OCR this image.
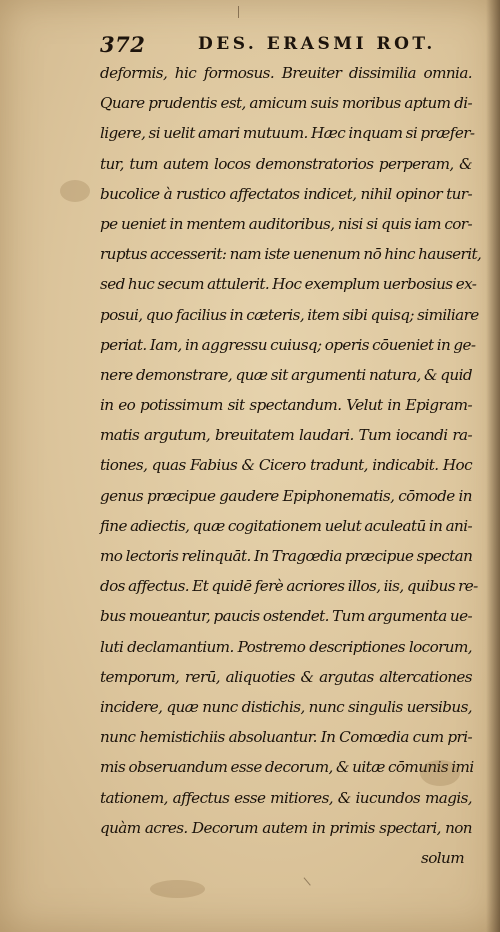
372	DES. ERASMI ROT.
deformis, hic formosus. Breuiter dissimilia omnia.
Quare prudentis est, amicum suis moribus aptum di-
ligere, si uelit amari mutuum. Hæc inquam si præfer-
tur, tum autem locos demonstratorios perperam, &
bucolice à rustico affectatos indicet, nihil opinor tur-
pe ueniet in mentem auditoribus, nisi si quis iam cor-
ruptus accesserit: nam iste uenenum nō hinc hauserit,
sed huc secum attulerit. Hoc exemplum uerbosius ex-
posui, quo facilius in cæteris, item sibi quisq; similiare
periat. Iam, in aggressu cuiusq; operis cōueniet in ge-
nere demonstrare, quæ sit argumenti natura, & quid
in eo potissimum sit spectandum. Velut in Epigram-
matis argutum, breuitatem laudari. Tum iocandi ra-
tiones, quas Fabius & Cicero tradunt, indicabit. Hoc
genus præcipue gaudere Epiphonematis, cōmode in
fine adiectis, quæ cogitationem uelut aculeatū in ani-
mo lectoris relinquāt. In Tragœdia præcipue spectan
dos affectus. Et quidē ferè acriores illos, iis, quibus re-
bus moueantur, paucis ostendet. Tum argumenta ue-
luti declamantium. Postremo descriptiones locorum,
temporum, rerū, aliquoties & argutas altercationes
incidere, quæ nunc distichis, nunc singulis uersibus,
nunc hemistichiis absoluantur. In Comœdia cum pri-
mis obseruandum esse decorum, & uitæ cōmunis imi
tationem, affectus esse mitiores, & iucundos magis,
quàm acres. Decorum autem in primis spectari, non
solum
